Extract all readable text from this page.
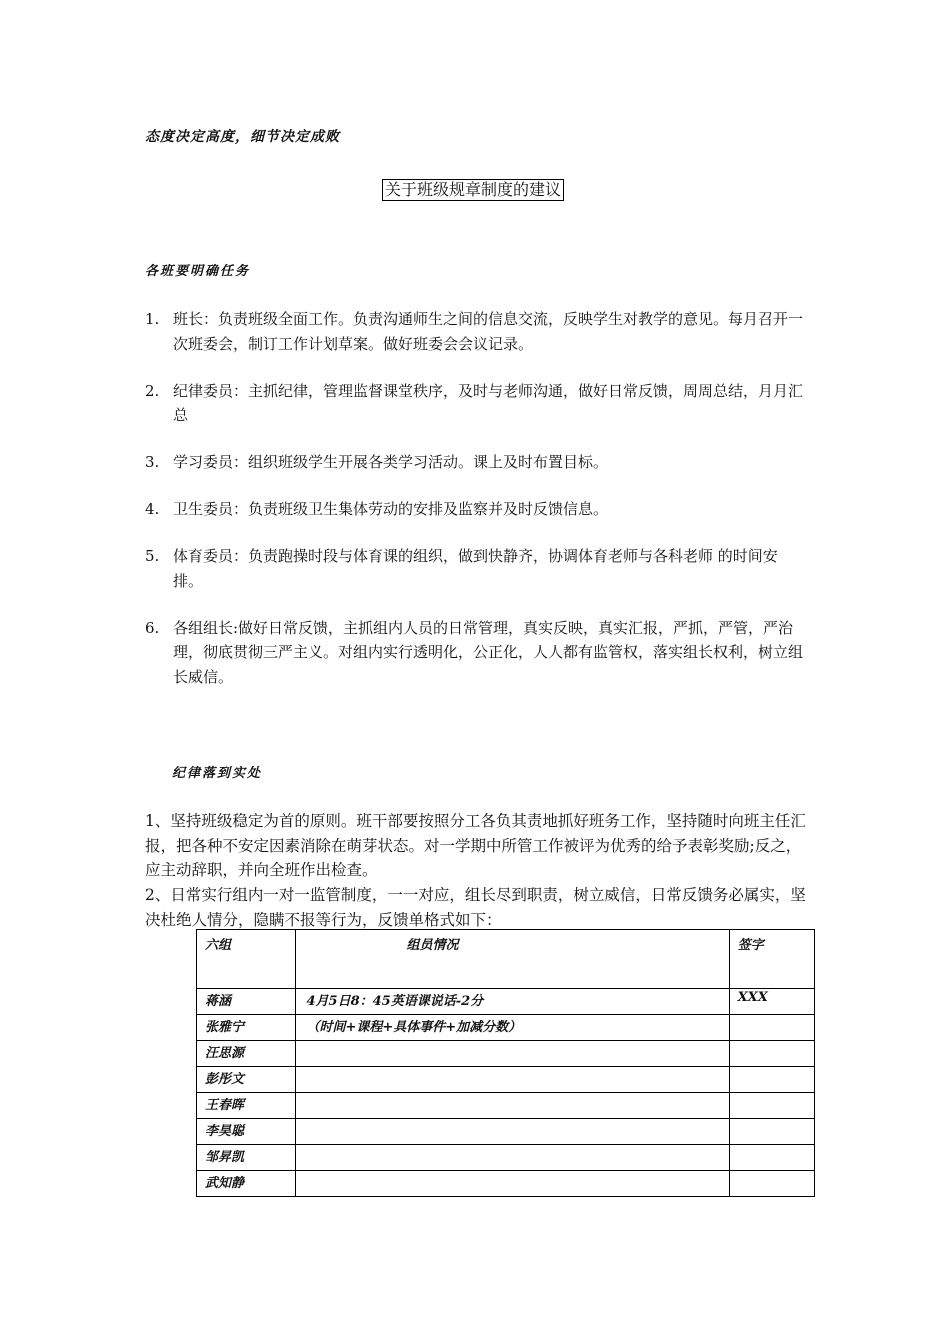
态度决定高度，细节决定成败
关于班级规章制度的建议
各班要明确任务
1. 班长：负责班级全面工作。负责沟通师生之间的信息交流，反映学生对教学的意见。每月召开一次班委会，制订工作计划草案。做好班委会会议记录。
2. 纪律委员：主抓纪律，管理监督课堂秩序，及时与老师沟通，做好日常反馈，周周总结，月月汇总
3. 学习委员：组织班级学生开展各类学习活动。课上及时布置目标。
4. 卫生委员：负责班级卫生集体劳动的安排及监察并及时反馈信息。
5. 体育委员：负责跑操时段与体育课的组织，做到快静齐，协调体育老师与各科老师 的时间安排。
6. 各组组长:做好日常反馈，主抓组内人员的日常管理，真实反映，真实汇报，严抓，严管，严治理，彻底贯彻三严主义。对组内实行透明化，公正化，人人都有监管权，落实组长权利，树立组长威信。
纪律落到实处
1、坚持班级稳定为首的原则。班干部要按照分工各负其责地抓好班务工作，坚持随时向班主任汇报，把各种不安定因素消除在萌芽状态。对一学期中所管工作被评为优秀的给予表彰奖励;反之，应主动辞职，并向全班作出检查。
2、日常实行组内一对一监管制度，一一对应，组长尽到职责，树立威信，日常反馈务必属实，坚决杜绝人情分，隐瞒不报等行为，反馈单格式如下：
六组	组员情况	签字
蒋涵	4月5日8：45英语课说话-2分	XXX
张雅宁	（时间+课程+具体事件+加减分数）	
汪思源		
彭彤文		
王春晖		
李昊聪		
邹昇凯		
武知静		
